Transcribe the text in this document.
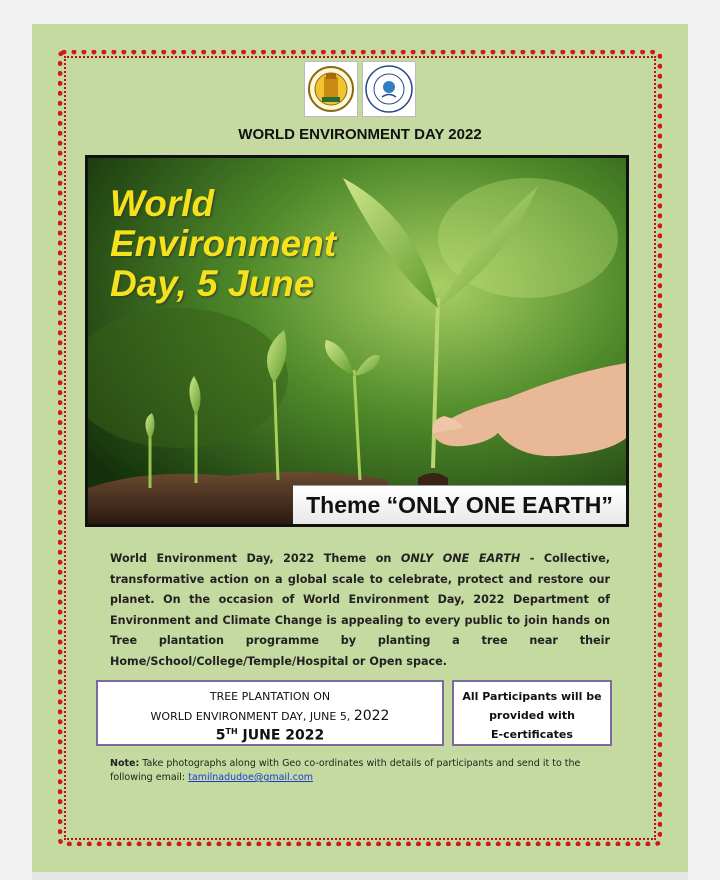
WORLD ENVIRONMENT DAY 2022
World
Environment
Day, 5 June
Theme “ONLY ONE EARTH”
World Environment Day, 2022 Theme on ONLY ONE EARTH - Collective, transformative action on a global scale to celebrate, protect and restore our planet. On the occasion of World Environment Day, 2022 Department of Environment and Climate Change is appealing to every public to join hands on Tree plantation programme by planting a tree near their Home/School/College/Temple/Hospital or Open space.
TREE PLANTATION ON
WORLD ENVIRONMENT DAY, JUNE 5, 2022
5TH JUNE 2022
All Participants will be
provided with
E-certificates
Note: Take photographs along with Geo co-ordinates with details of participants and send it to the following email: tamilnadudoe@gmail.com
